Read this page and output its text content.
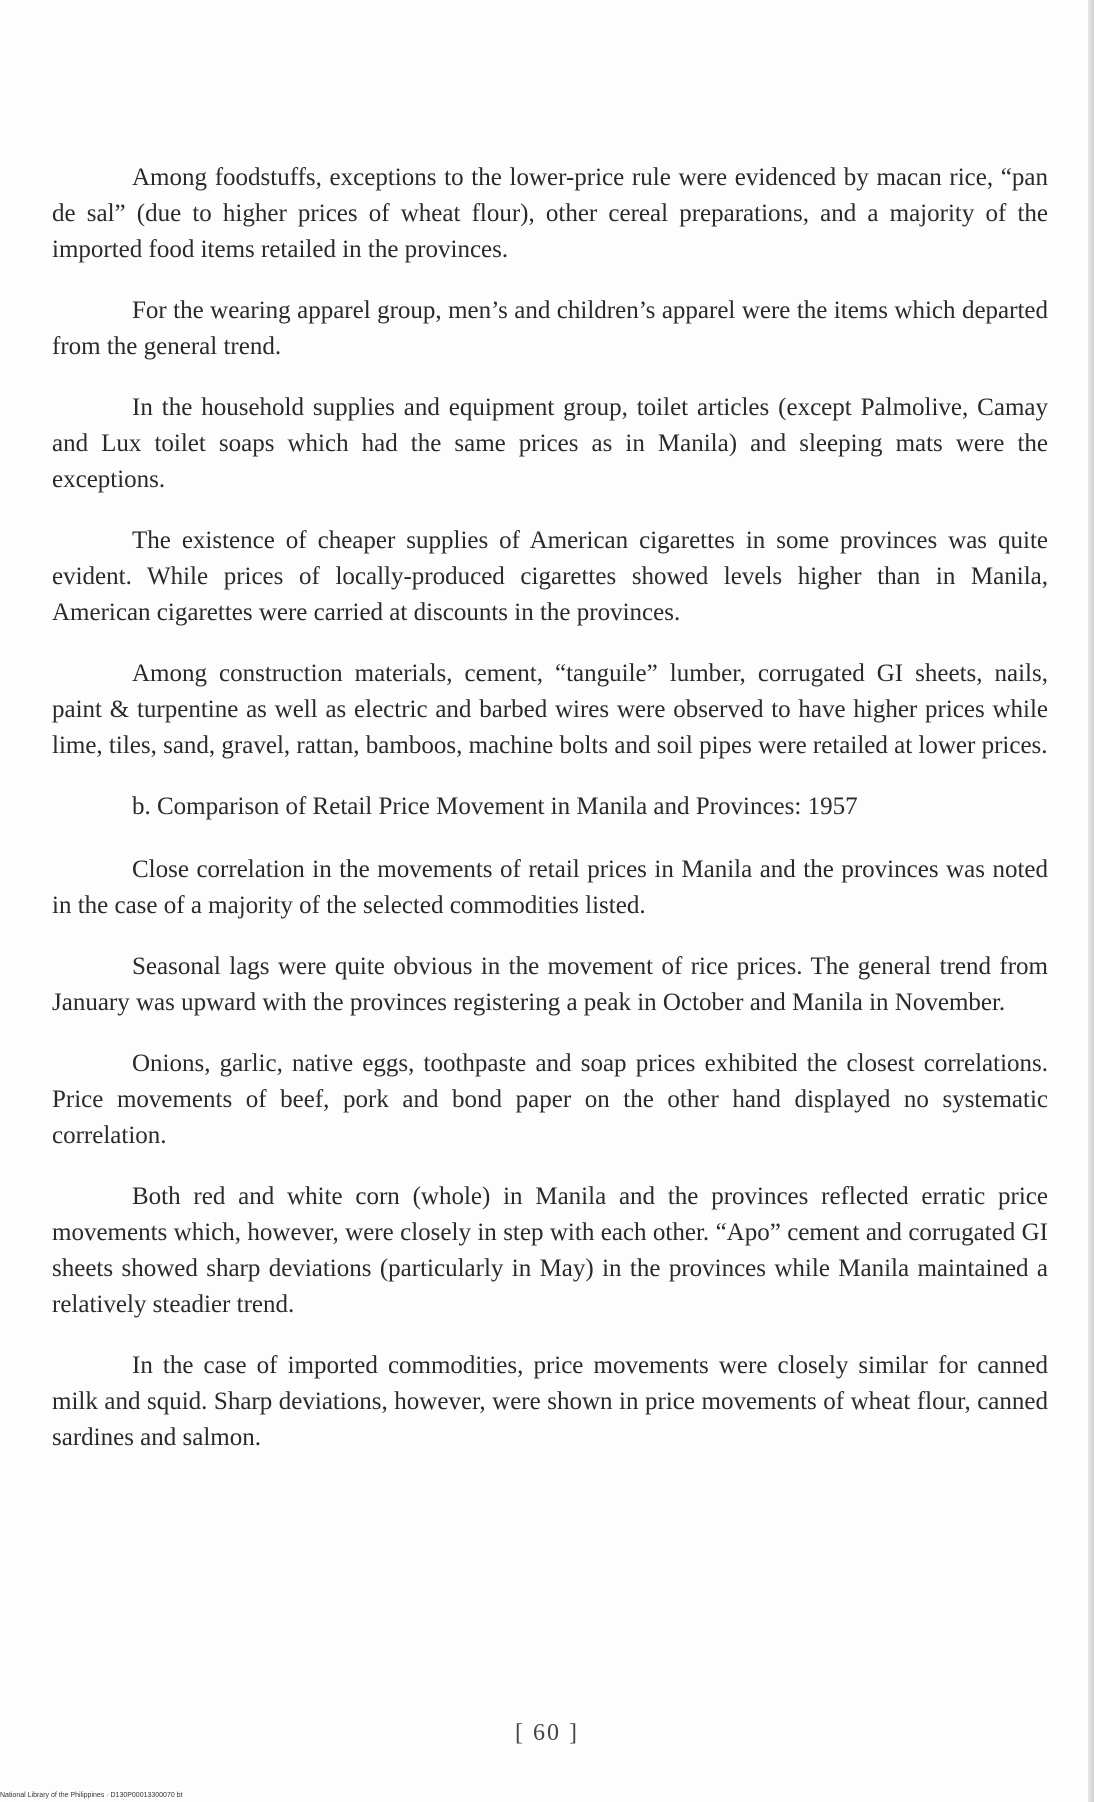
Among foodstuffs, exceptions to the lower-price rule were evidenced by macan rice, “pan de sal” (due to higher prices of wheat flour), other cereal preparations, and a majority of the imported food items retailed in the provinces.

For the wearing apparel group, men’s and children’s apparel were the items which departed from the general trend.

In the household supplies and equipment group, toilet articles (except Palmolive, Camay and Lux toilet soaps which had the same prices as in Manila) and sleeping mats were the exceptions.

The existence of cheaper supplies of American cigarettes in some provinces was quite evident. While prices of locally-produced cigarettes showed levels higher than in Manila, American cigarettes were carried at discounts in the provinces.

Among construction materials, cement, “tanguile” lumber, corrugated GI sheets, nails, paint & turpentine as well as electric and barbed wires were observed to have higher prices while lime, tiles, sand, gravel, rattan, bamboos, machine bolts and soil pipes were retailed at lower prices.

b. Comparison of Retail Price Movement in Manila and Provinces: 1957

Close correlation in the movements of retail prices in Manila and the provinces was noted in the case of a majority of the selected commodities listed.

Seasonal lags were quite obvious in the movement of rice prices. The general trend from January was upward with the provinces registering a peak in October and Manila in November.

Onions, garlic, native eggs, toothpaste and soap prices exhibited the closest correlations. Price movements of beef, pork and bond paper on the other hand displayed no systematic correlation.

Both red and white corn (whole) in Manila and the provinces reflected erratic price movements which, however, were closely in step with each other. “Apo” cement and corrugated GI sheets showed sharp deviations (particularly in May) in the provinces while Manila maintained a relatively steadier trend.

In the case of imported commodities, price movements were closely similar for canned milk and squid. Sharp deviations, however, were shown in price movements of wheat flour, canned sardines and salmon.

[ 60 ]
National Library of the Philippines · D130P00013300070 bt
